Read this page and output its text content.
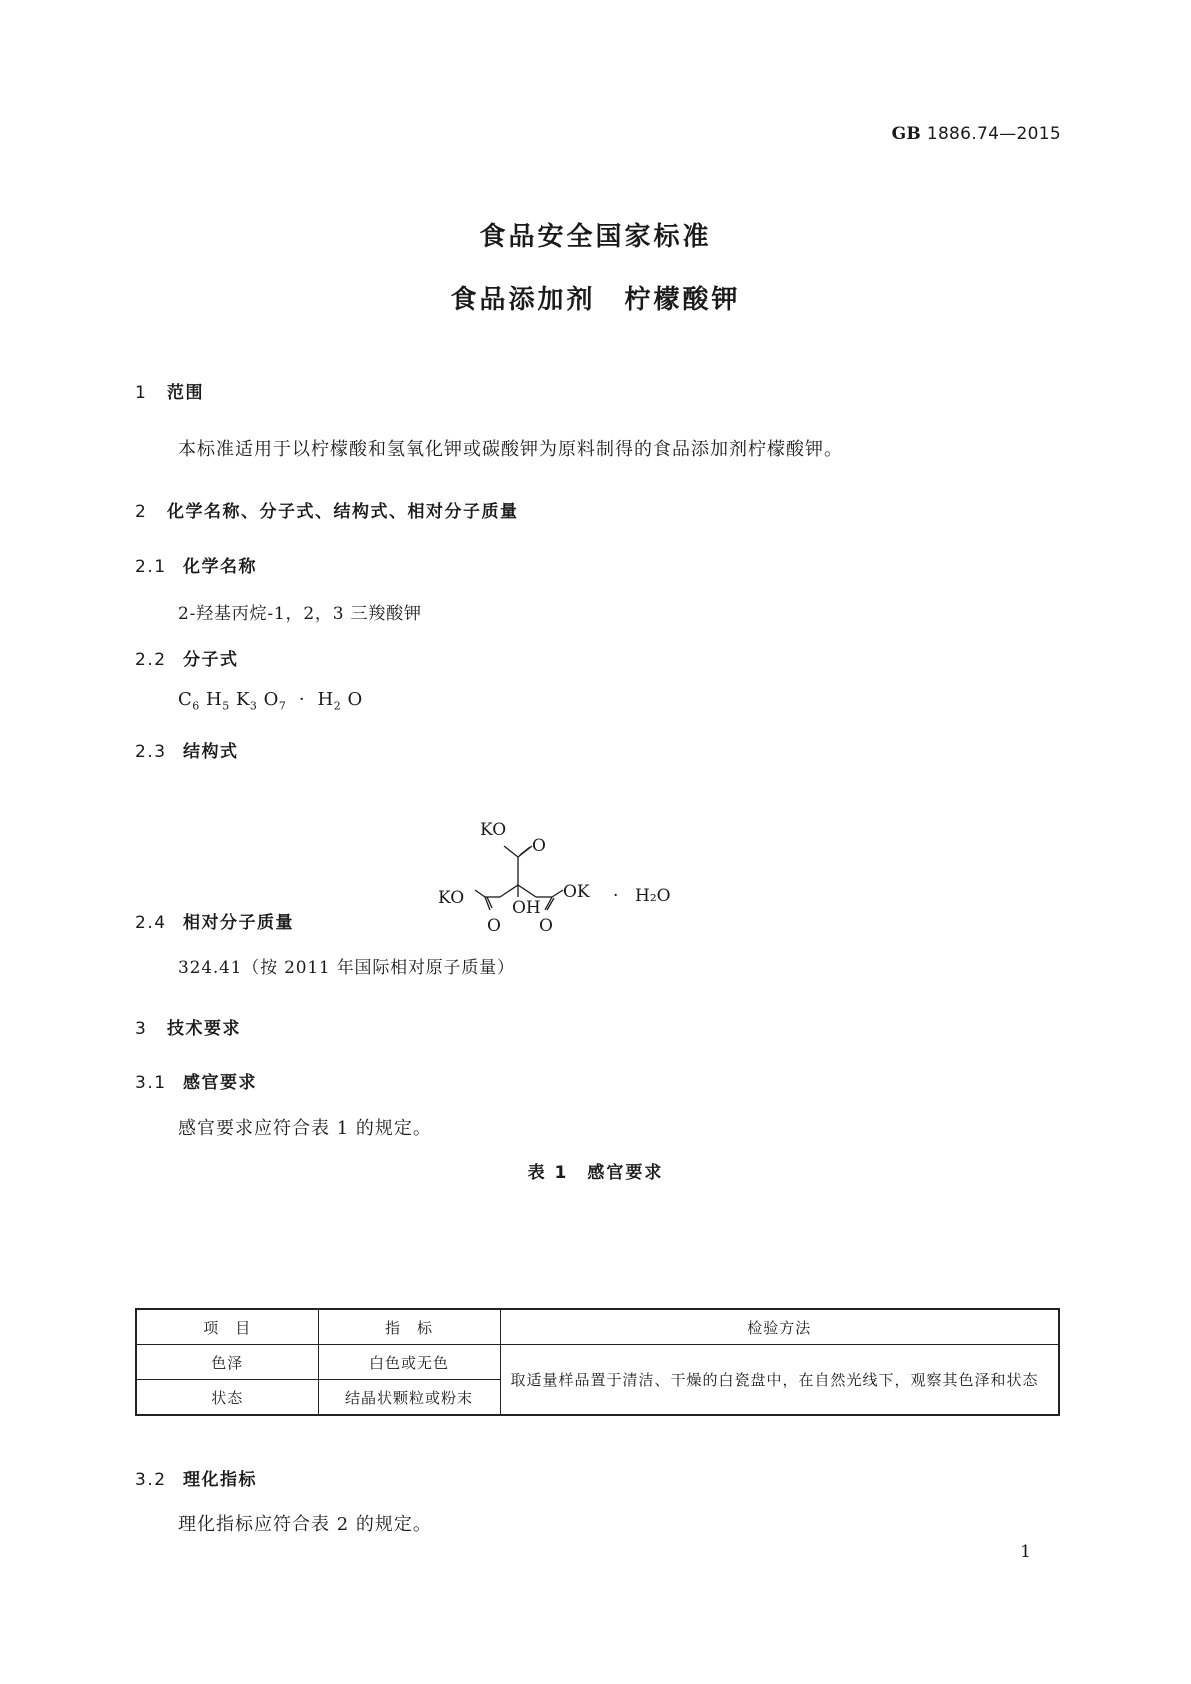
GB 1886.74—2015
食品安全国家标准
食品添加剂　柠檬酸钾
1 范围
本标准适用于以柠檬酸和氢氧化钾或碳酸钾为原料制得的食品添加剂柠檬酸钾。
2 化学名称、分子式、结构式、相对分子质量
2.1 化学名称
2-羟基丙烷-1，2，3 三羧酸钾
2.2 分子式
$C_6$ $H_5$ $K_3$ $O_7 \cdot H_2$ O
2.3 结构式
KO
O
KO	OH
OK
O O
· H₂O
2.4 相对分子质量
324.41（按 2011 年国际相对原子质量）
3 技术要求
3.1 感官要求
感官要求应符合表 1 的规定。
表 1　感官要求
项　目	指　标	检验方法
色泽	白色或无色	取适量样品置于清洁、干燥的白瓷盘中，在自然光线下，观察其色泽和状态
状态	结晶状颗粒或粉末	
3.2 理化指标
理化指标应符合表 2 的规定。
1
